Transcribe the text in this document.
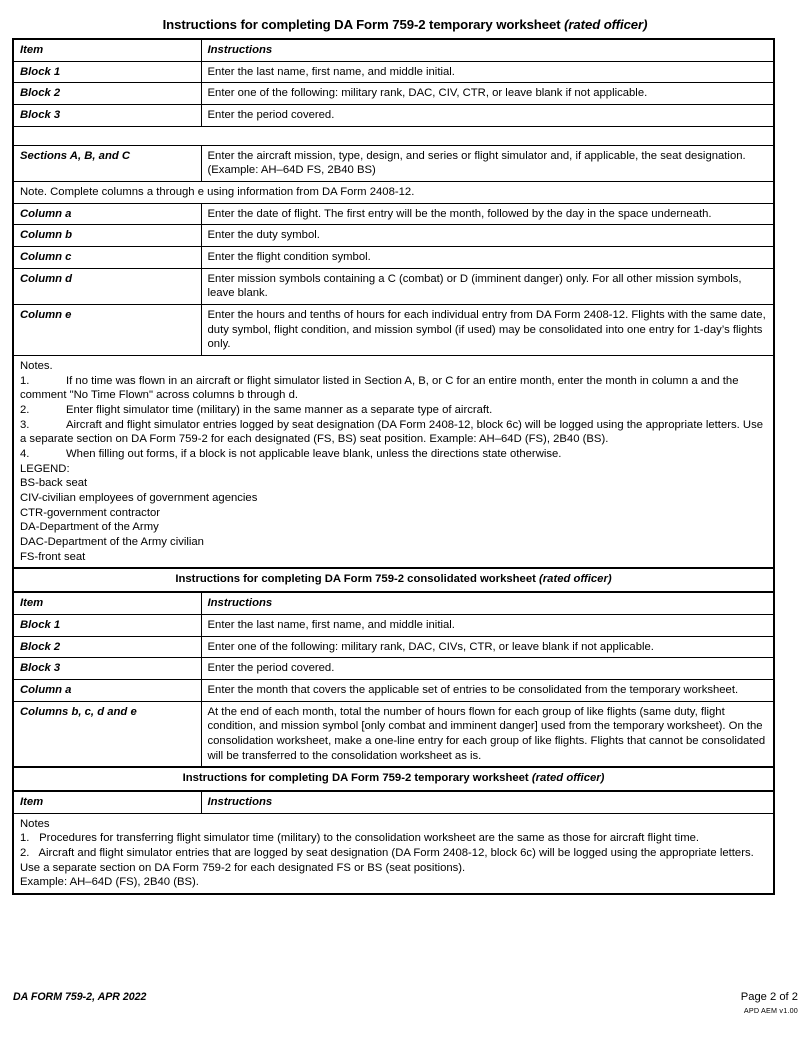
Instructions for completing DA Form 759-2 temporary worksheet (rated officer)
Item	Instructions
Block 1	Enter the last name, first name, and middle initial.
Block 2	Enter one of the following: military rank, DAC, CIV, CTR, or leave blank if not applicable.
Block 3	Enter the period covered.

Sections A, B, and C	Enter the aircraft mission, type, design, and series or flight simulator and, if applicable, the seat designation. (Example: AH–64D FS, 2B40 BS)
Note. Complete columns a through e using information from DA Form 2408-12.	
Column a	Enter the date of flight. The first entry will be the month, followed by the day in the space underneath.
Column b	Enter the duty symbol.
Column c	Enter the flight condition symbol.
Column d	Enter mission symbols containing a C (combat) or D (imminent danger) only. For all other mission symbols, leave blank.
Column e	Enter the hours and tenths of hours for each individual entry from DA Form 2408-12. Flights with the same date, duty symbol, flight condition, and mission symbol (if used) may be consolidated into one entry for 1-day’s flights only.

Notes.
1.	If no time was flown in an aircraft or flight simulator listed in Section A, B, or C for an entire month, enter the month in column a and the comment "No Time Flown" across columns b through d.
2.	Enter flight simulator time (military) in the same manner as a separate type of aircraft.
3.	Aircraft and flight simulator entries logged by seat designation (DA Form 2408-12, block 6c) will be logged using the appropriate letters. Use a separate section on DA Form 759-2 for each designated (FS, BS) seat position. Example: AH–64D (FS), 2B40 (BS).
4.	When filling out forms, if a block is not applicable leave blank, unless the directions state otherwise.
LEGEND:
BS-back seat
CIV-civilian employees of government agencies
CTR-government contractor
DA-Department of the Army
DAC-Department of the Army civilian
FS-front seat

Instructions for completing DA Form 759-2 consolidated worksheet (rated officer)	
Item	Instructions
Block 1	Enter the last name, first name, and middle initial.
Block 2	Enter one of the following: military rank, DAC, CIVs, CTR, or leave blank if not applicable.
Block 3	Enter the period covered.
Column a	Enter the month that covers the applicable set of entries to be consolidated from the temporary worksheet.
Columns b, c, d and e	At the end of each month, total the number of hours flown for each group of like flights (same duty, flight condition, and mission symbol [only combat and imminent danger] used from the temporary worksheet). On the consolidation worksheet, make a one-line entry for each group of like flights. Flights that cannot be consolidated will be transferred to the consolidation worksheet as is.
Instructions for completing DA Form 759-2 temporary worksheet (rated officer)	
Item	Instructions

Notes
1. Procedures for transferring flight simulator time (military) to the consolidation worksheet are the same as those for aircraft flight time.
2. Aircraft and flight simulator entries that are logged by seat designation (DA Form 2408-12, block 6c) will be logged using the appropriate letters. Use a separate section on DA Form 759-2 for each designated FS or BS (seat positions).
Example: AH–64D (FS), 2B40 (BS).	
DA FORM 759-2, APR 2022	Page 2 of 2
APD AEM v1.00
